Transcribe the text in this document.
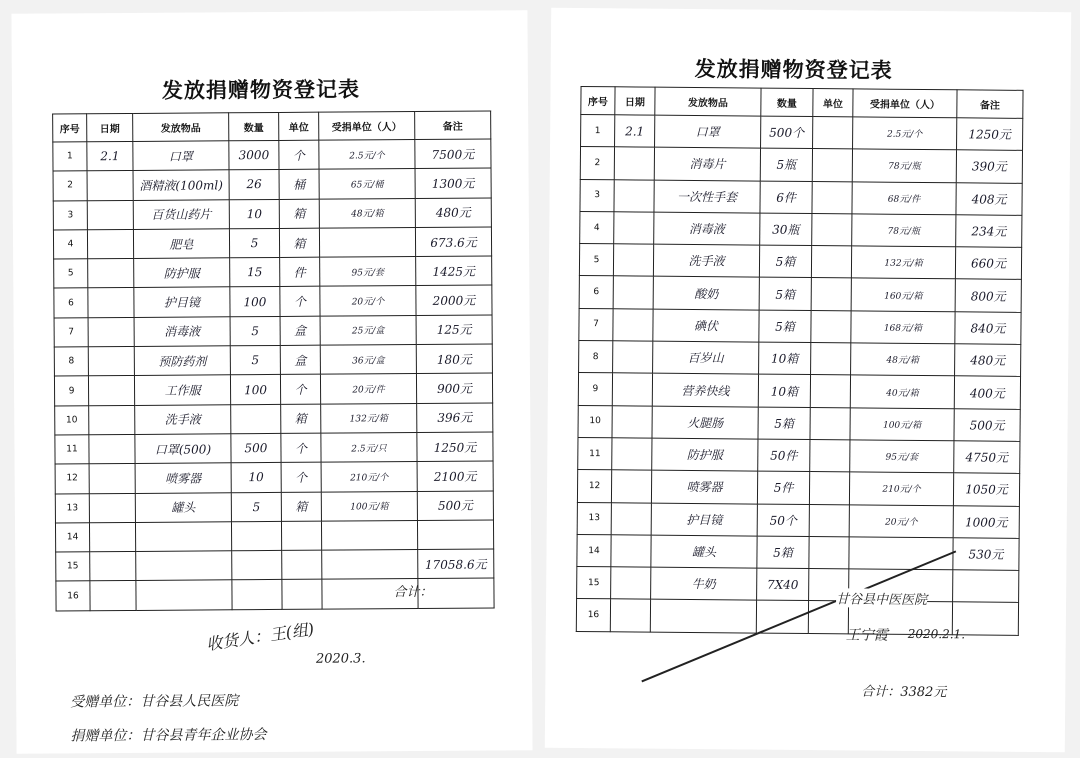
发放捐赠物资登记表
序号	日期	发放物品	数量	单位	受捐单位（人）	备注
1	2.1	口罩	3000	个	2.5元/个	7500元
2		酒精液(100ml)	26	桶	65元/桶	1300元
3		百货山药片	10	箱	48元/箱	480元
4		肥皂	5	箱		673.6元
5		防护服	15	件	95元/套	1425元
6		护目镜	100	个	20元/个	2000元
7		消毒液	5	盒	25元/盒	125元
8		预防药剂	5	盒	36元/盒	180元
9		工作服	100	个	20元/件	900元
10		洗手液		箱	132元/箱	396元
11		口罩(500)	500	个	2.5元/只	1250元
12		喷雾器	10	个	210元/个	2100元
13		罐头	5	箱	100元/箱	500元
14						
15						17058.6元
16							合计：
收货人：王(组)
2020.3.
受赠单位：甘谷县人民医院
捐赠单位：甘谷县青年企业协会
发放捐赠物资登记表
序号	日期	发放物品	数量	单位	受捐单位（人）	备注
1	2.1	口罩	500个		2.5元/个	1250元
2		消毒片	5瓶		78元/瓶	390元
3		一次性手套	6件		68元/件	408元
4		消毒液	30瓶		78元/瓶	234元
5		洗手液	5箱		132元/箱	660元
6		酸奶	5箱		160元/箱	800元
7		碘伏	5箱		168元/箱	840元
8		百岁山	10箱		48元/箱	480元
9		营养快线	10箱		40元/箱	400元
10		火腿肠	5箱		100元/箱	500元
11		防护服	50件		95元/套	4750元
12		喷雾器	5件		210元/个	1050元
13		护目镜	50个		20元/个	1000元
14		罐头	5箱			530元
15		牛奶	7X40			
16						
甘谷县中医医院
王宁霞 2020.2.1.
合计：3382元
